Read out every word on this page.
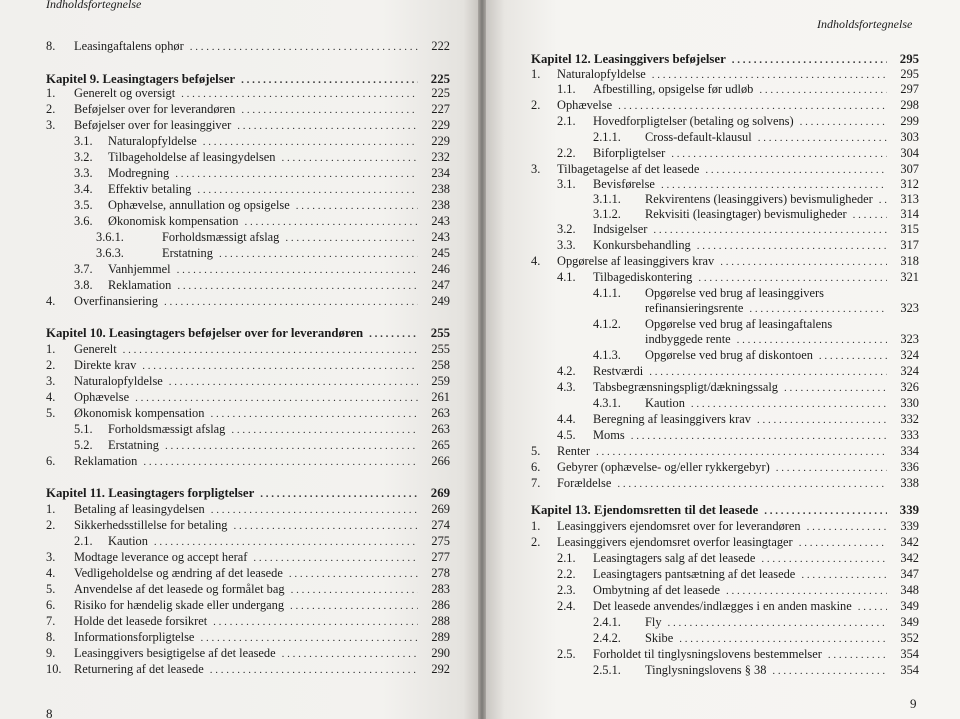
Indholdsfortegnelse
8. Leasingaftalens ophør . . .	222
Kapitel 9. Leasingtagers beføjelser . . .	225
1. Generelt og oversigt . . .	225
2. Beføjelser over for leverandøren . . .	227
3. Beføjelser over for leasinggiver . . .	229
3.1. Naturalopfyldelse . . .	229
3.2. Tilbageholdelse af leasingydelsen . . .	232
3.3. Modregning . . .	234
3.4. Effektiv betaling . . .	238
3.5. Ophævelse, annullation og opsigelse . . .	238
3.6. Økonomisk kompensation . . .	243
3.6.1.	Forholdsmæssigt afslag . . .	243
3.6.3.	Erstatning . . .	245
3.7. Vanhjemmel . . .	246
3.8. Reklamation . . .	247
4. Overfinansiering . . .	249
Kapitel 10. Leasingtagers beføjelser over for leverandøren . . .	255
1. Generelt . . .	255
2. Direkte krav . . .	258
3. Naturalopfyldelse . . .	259
4. Ophævelse . . .	261
5. Økonomisk kompensation . . .	263
5.1. Forholdsmæssigt afslag . . .	263
5.2. Erstatning . . .	265
6. Reklamation . . .	266
Kapitel 11. Leasingtagers forpligtelser . . .	269
1. Betaling af leasingydelsen . . .	269
2. Sikkerhedsstillelse for betaling . . .	274
2.1. Kaution . . .	275
3. Modtage leverance og accept heraf . . .	277
4. Vedligeholdelse og ændring af det leasede . . .	278
5. Anvendelse af det leasede og formålet bag . . .	283
6. Risiko for hændelig skade eller undergang . . .	286
7. Holde det leasede forsikret . . .	288
8. Informationsforpligtelse . . .	289
9. Leasinggivers besigtigelse af det leasede . . .	290
10. Returnering af det leasede . . .	292
8
Indholdsfortegnelse
Kapitel 12. Leasinggivers beføjelser . . .	295
1. Naturalopfyldelse . . .	295
1.1. Afbestilling, opsigelse før udløb . . .	297
2. Ophævelse . . .	298
2.1. Hovedforpligtelser (betaling og solvens) . . .	299
2.1.1. Cross-default-klausul . . .	303
2.2. Biforpligtelser . . .	304
3. Tilbagetagelse af det leasede . . .	307
3.1. Bevisførelse . . .	312
3.1.1. Rekvirentens (leasinggivers) bevismuligheder . . .	313
3.1.2. Rekvisiti (leasingtager) bevismuligheder . . .	314
3.2. Indsigelser . . .	315
3.3. Konkursbehandling . . .	317
4. Opgørelse af leasinggivers krav . . .	318
4.1. Tilbagediskontering . . .	321
4.1.1. Opgørelse ved brug af leasinggivers
refinansieringsrente . . .	323
4.1.2. Opgørelse ved brug af leasingaftalens
indbyggede rente . . .	323
4.1.3. Opgørelse ved brug af diskontoen . . .	324
4.2. Restværdi . . .	324
4.3. Tabsbegrænsningspligt/dækningssalg . . .	326
4.3.1. Kaution . . .	330
4.4. Beregning af leasinggivers krav . . .	332
4.5. Moms . . .	333
5. Renter . . .	334
6. Gebyrer (ophævelse- og/eller rykkergebyr) . . .	336
7. Forældelse . . .	338
Kapitel 13. Ejendomsretten til det leasede . . .	339
1. Leasinggivers ejendomsret over for leverandøren . . .	339
2. Leasinggivers ejendomsret overfor leasingtager . . .	342
2.1. Leasingtagers salg af det leasede . . .	342
2.2. Leasingtagers pantsætning af det leasede . . .	347
2.3. Ombytning af det leasede . . .	348
2.4. Det leasede anvendes/indlægges i en anden maskine . . .	349
2.4.1. Fly . . .	349
2.4.2. Skibe . . .	352
2.5. Forholdet til tinglysningslovens bestemmelser . . .	354
2.5.1. Tinglysningslovens § 38 . . .	354
9
